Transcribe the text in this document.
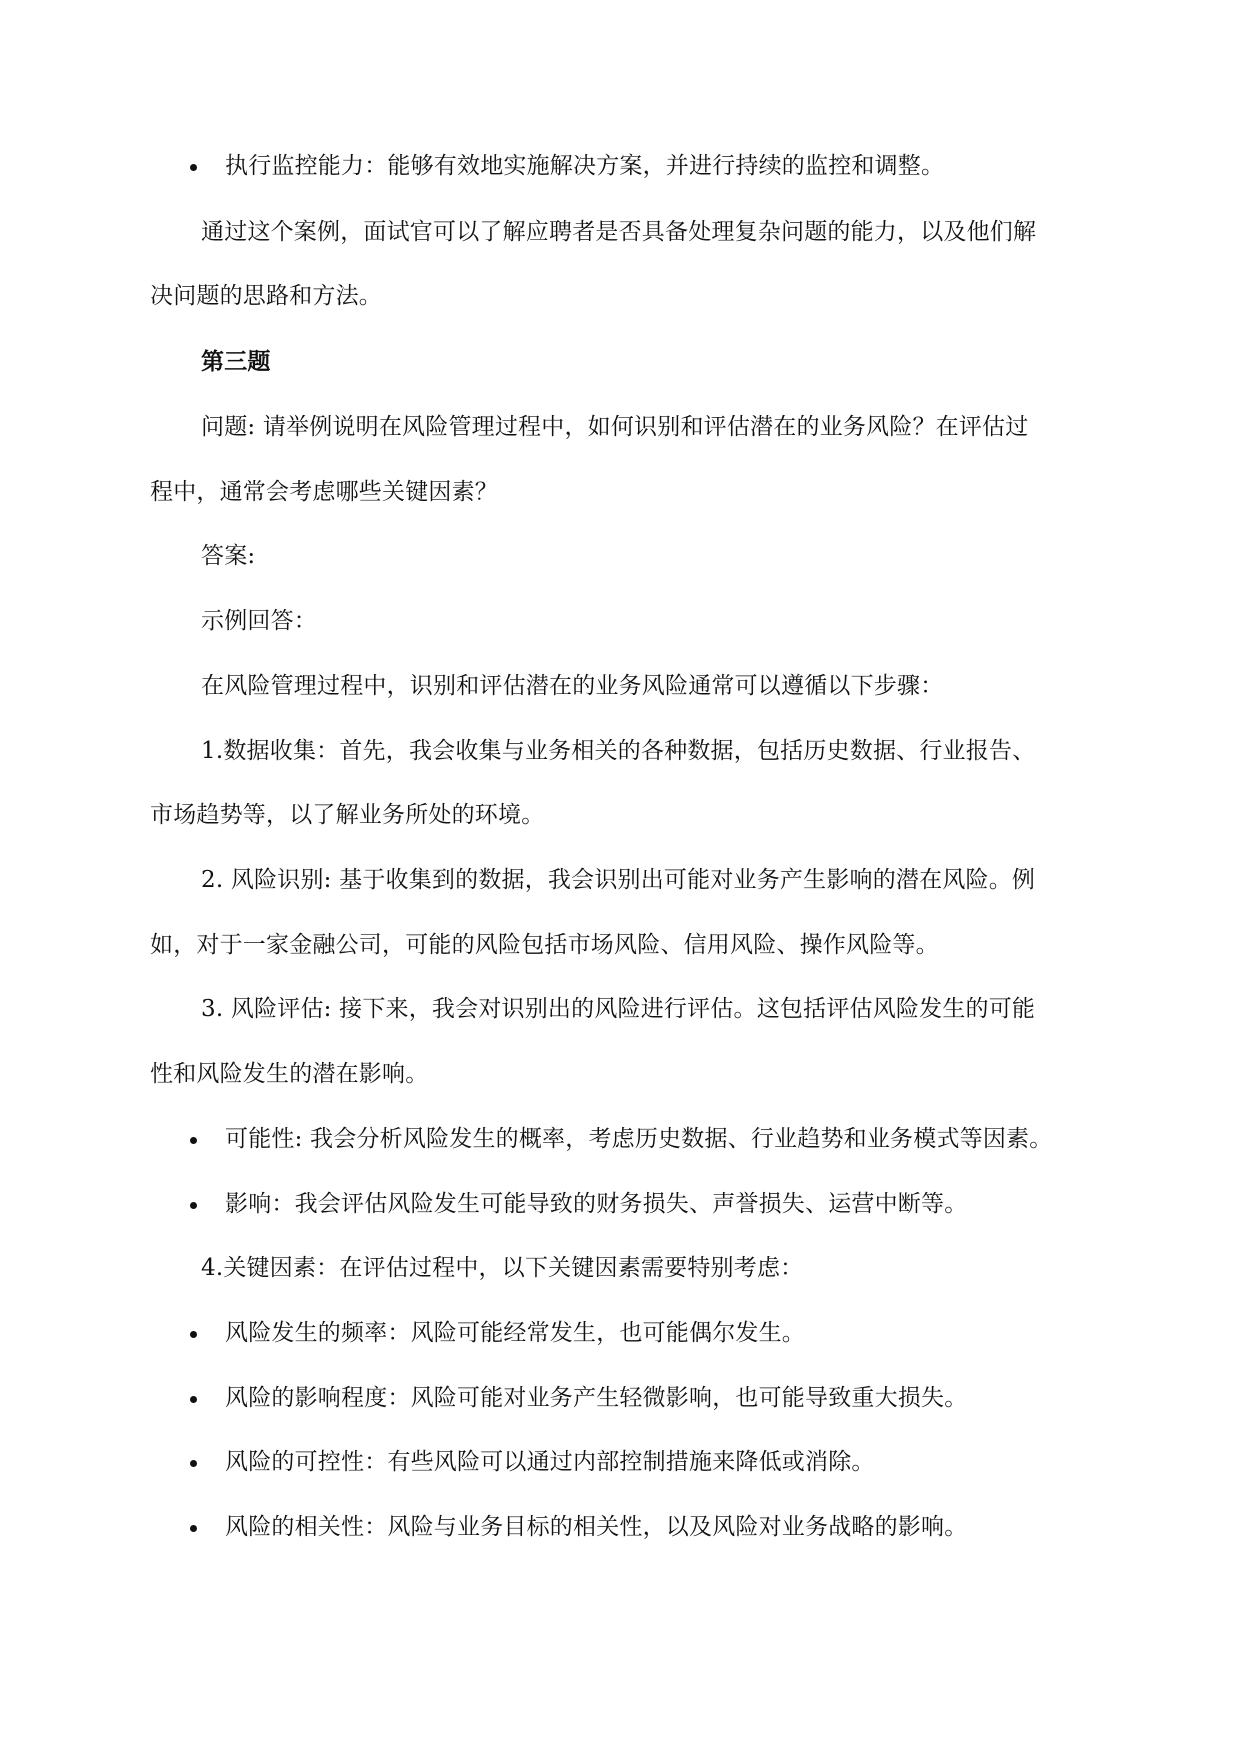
执行监控能力：能够有效地实施解决方案，并进行持续的监控和调整。
通过这个案例，面试官可以了解应聘者是否具备处理复杂问题的能力，以及他们解
决问题的思路和方法。
第三题
问题: 请举例说明在风险管理过程中，如何识别和评估潜在的业务风险？在评估过
程中，通常会考虑哪些关键因素？
答案:
示例回答：
在风险管理过程中，识别和评估潜在的业务风险通常可以遵循以下步骤：
1.数据收集：首先，我会收集与业务相关的各种数据，包括历史数据、行业报告、
市场趋势等，以了解业务所处的环境。
2. 风险识别: 基于收集到的数据，我会识别出可能对业务产生影响的潜在风险。例
如，对于一家金融公司，可能的风险包括市场风险、信用风险、操作风险等。
3. 风险评估: 接下来，我会对识别出的风险进行评估。这包括评估风险发生的可能
性和风险发生的潜在影响。
可能性: 我会分析风险发生的概率，考虑历史数据、行业趋势和业务模式等因素。
影响：我会评估风险发生可能导致的财务损失、声誉损失、运营中断等。
4.关键因素：在评估过程中，以下关键因素需要特别考虑：
风险发生的频率：风险可能经常发生，也可能偶尔发生。
风险的影响程度：风险可能对业务产生轻微影响，也可能导致重大损失。
风险的可控性：有些风险可以通过内部控制措施来降低或消除。
风险的相关性：风险与业务目标的相关性，以及风险对业务战略的影响。
